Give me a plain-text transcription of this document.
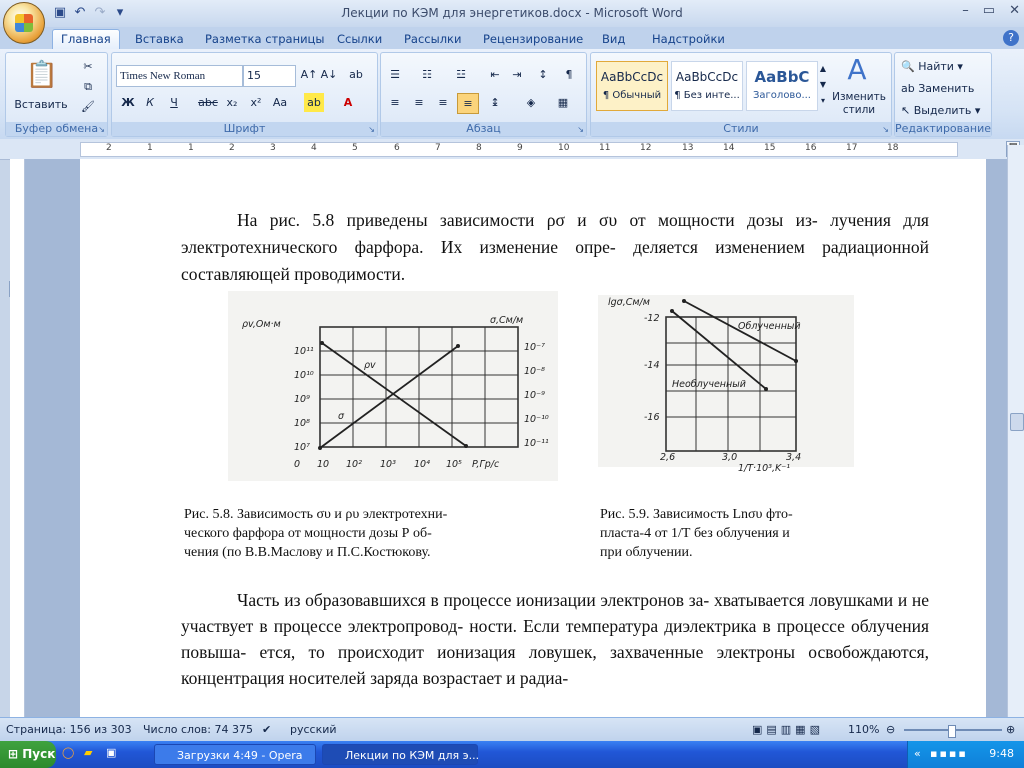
▣ ↶ ↷ ▾	Лекции по КЭМ для энергетиков.docx - Microsoft Word	– ▭ ✕
Главная	Вставка	Разметка страницы	Ссылки	Рассылки	Рецензирование	Вид	Надстройки	?
📋
Вставить
✂
⧉
🖌
Буфер обмена ↘
Times New Roman	15	A↑ A↓ ab
Ж	К	Ч	abc x₂	x²	Aa ab	A
Шрифт	↘
☰	☷	☳	⇤	⇥	↕	¶
≡	≡	≡	≡	↨	◈	▦
Абзац	↘
AaBbCcDc
¶ Обычный
AaBbCcDc
¶ Без инте...
AaBbC
Заголово...
▲
▼
▾
A
Изменить стили
Стили	↘
🔍 Найти ▾
ab Заменить
↖ Выделить ▾
Редактирование
2	1	1	2	3	4	5	6	7	8	9	10	11	12	13	14	15	16	17	18

На рис. 5.8 приведены зависимости ρσ и συ от мощности дозы из- лучения для электротехнического фарфора. Их изменение опре- деляется изменением радиационной составляющей проводимости.

ρv,Ом·м	σ,См/м
10¹¹
10¹⁰
10⁹
10⁸
10⁷
10⁻⁷
10⁻⁸
10⁻⁹
10⁻¹⁰
10⁻¹¹
0 10 10² 10³ 10⁴ 10⁵ P,Гр/с
ρv
σ
lgσ,См/м
-12
-14
-16
2,6	3,0	3,4
1/T·10³,K⁻¹
Облученный
Необлученный
Рис. 5.8. Зависимость συ и ρυ электротехни-
ческого фарфора от мощности дозы Р об-
чения (по В.В.Маслову и П.С.Костюкову.
Рис. 5.9. Зависимость Lnσυ фто-
пласта-4 от 1/Т без облучения и
при облучении.

Часть из образовавшихся в процессе ионизации электронов за- хватывается ловушками и не участвует в процессе электропровод- ности. Если температура диэлектрика в процессе облучения повыша- ется, то происходит ионизация ловушек, захваченные электроны освобождаются, концентрация носителей заряда возрастает и радиа-

Страница: 156 из 303 Число слов: 74 375 ✔ русский	▣▤▥▦▧ 110% ⊖	⊕
⊞ Пуск ◯ ▰ ▣	Загрузки 4:49 - Opera	Лекции по КЭМ для э...	« ▪▪▪▪ 9:48
